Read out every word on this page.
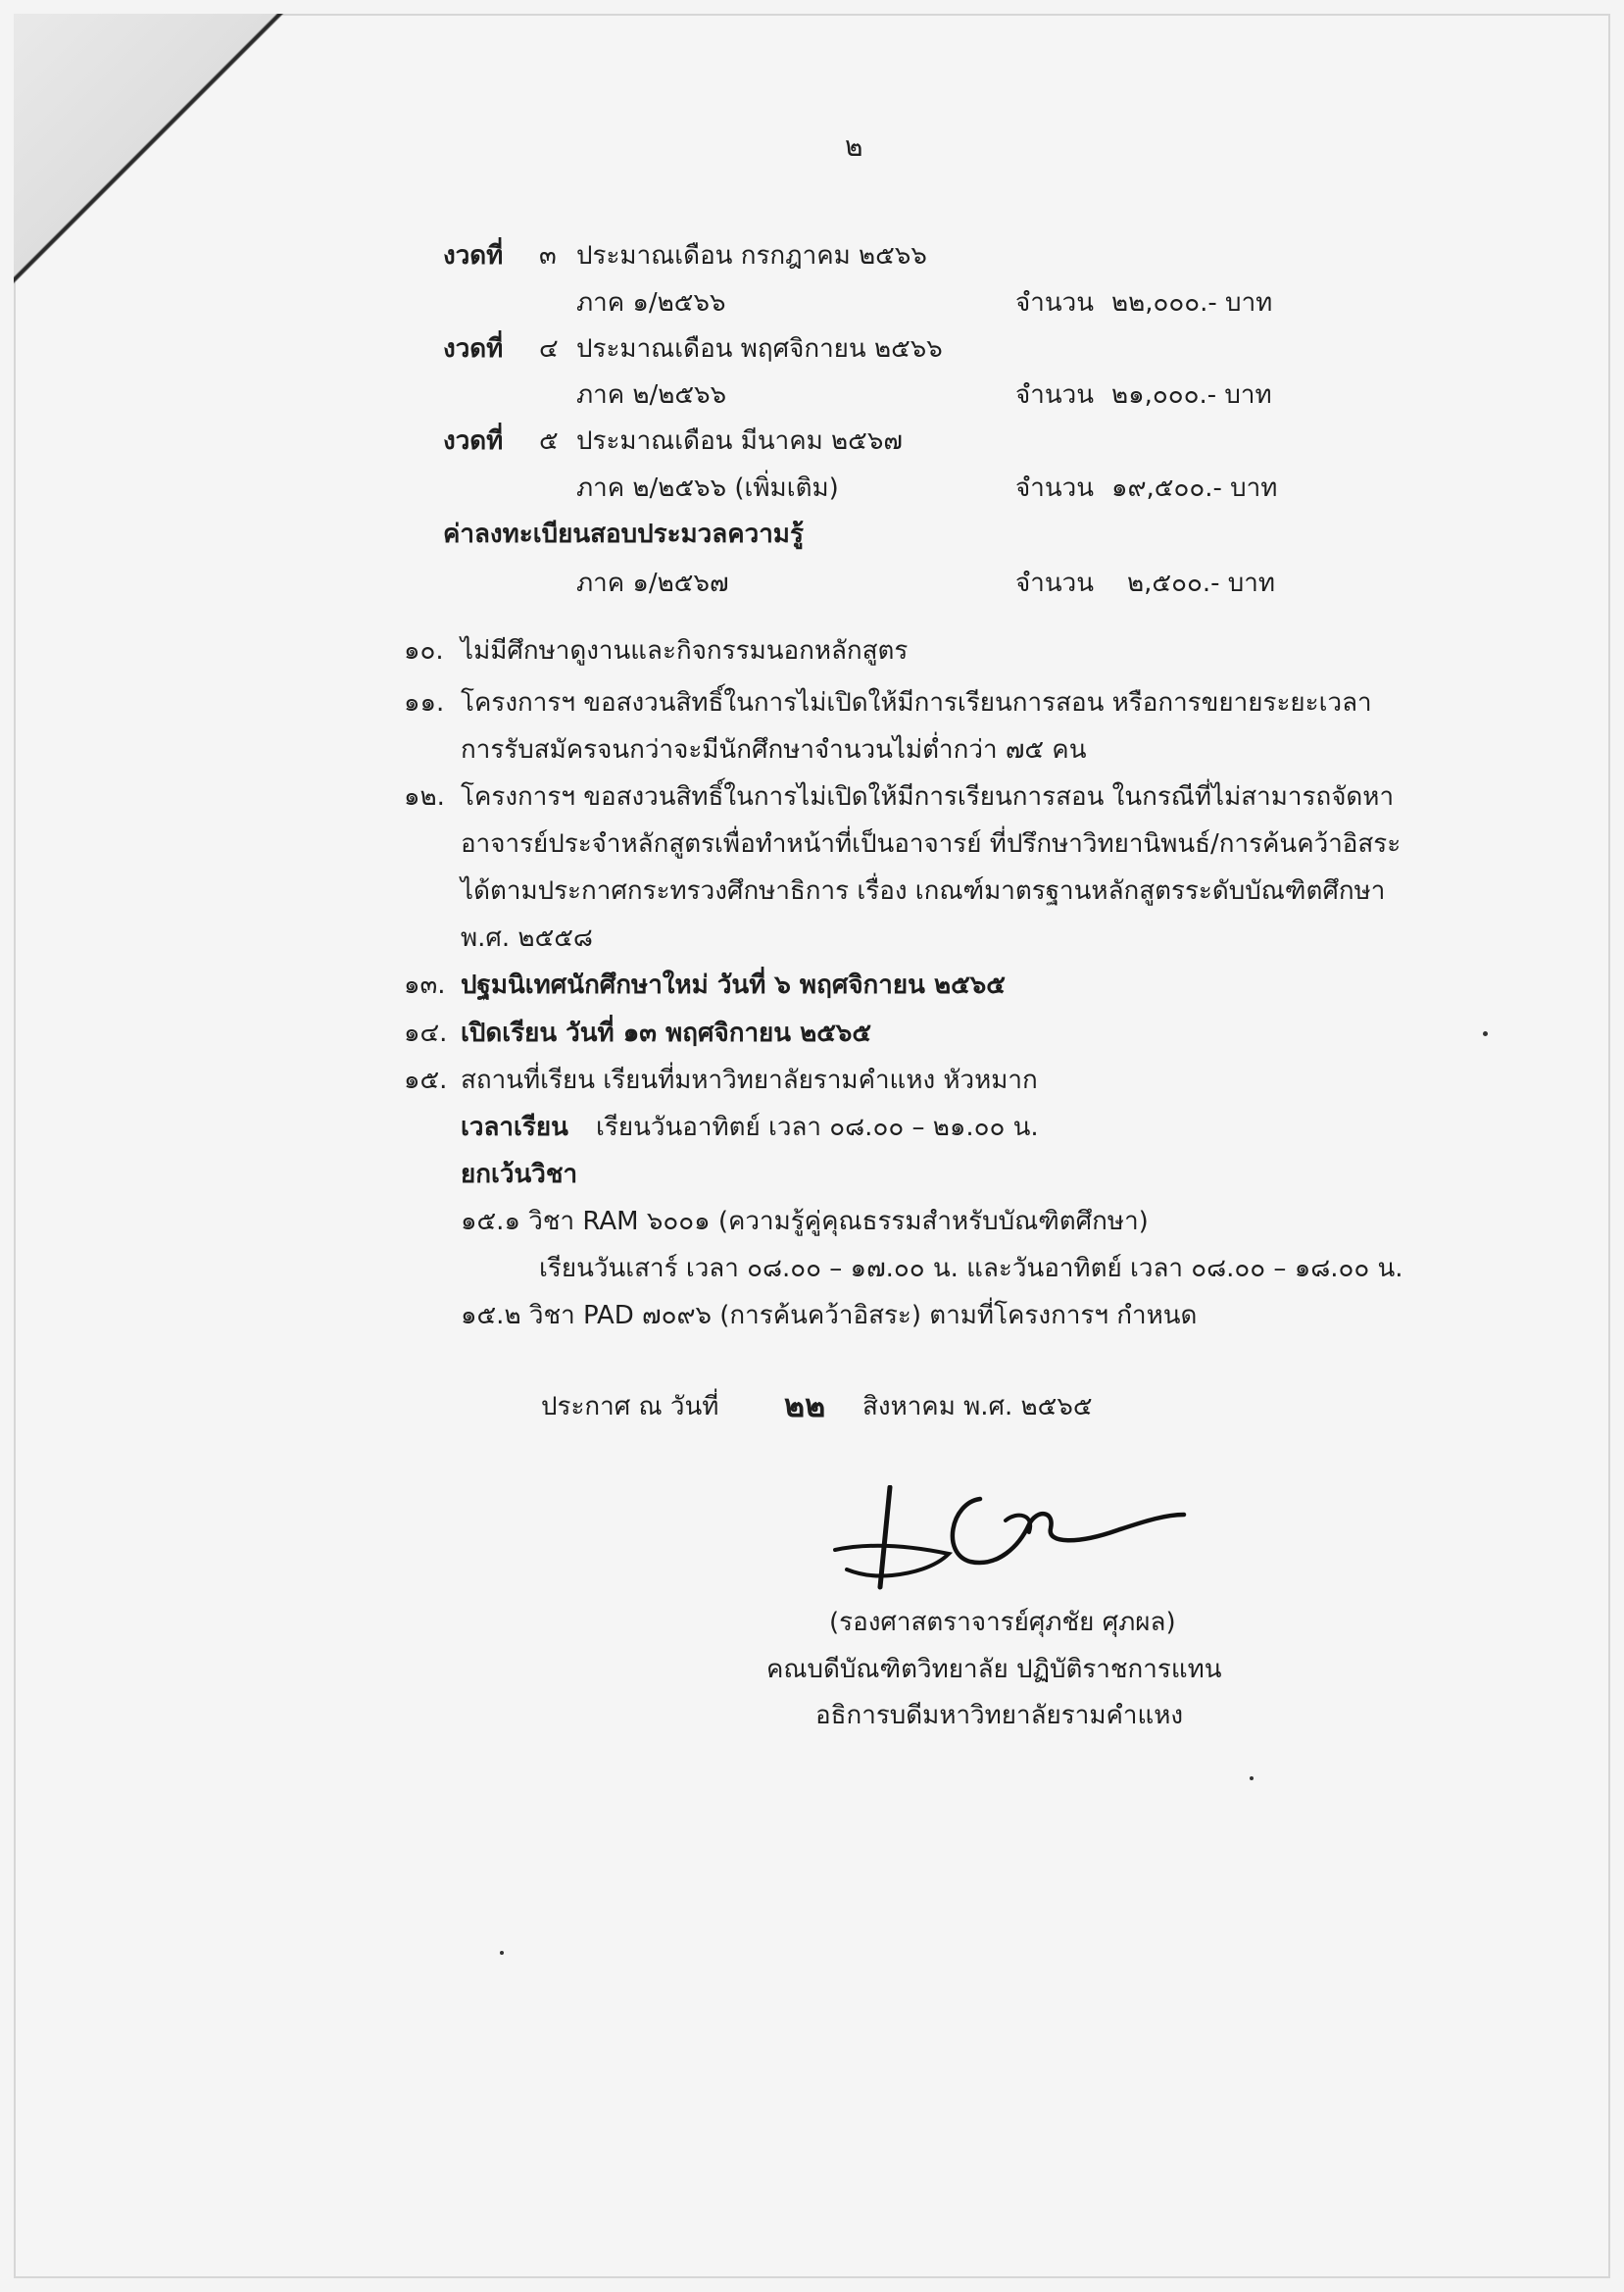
๒
งวดที่ ๓ ประมาณเดือน กรกฎาคม ๒๕๖๖
ภาค ๑/๒๕๖๖	จำนวน ๒๒,๐๐๐.- บาท
งวดที่ ๔ ประมาณเดือน พฤศจิกายน ๒๕๖๖
ภาค ๒/๒๕๖๖	จำนวน ๒๑,๐๐๐.- บาท
งวดที่ ๕ ประมาณเดือน มีนาคม ๒๕๖๗
ภาค ๒/๒๕๖๖ (เพิ่มเติม)	จำนวน ๑๙,๕๐๐.- บาท
ค่าลงทะเบียนสอบประมวลความรู้
ภาค ๑/๒๕๖๗	จำนวน ๒,๕๐๐.- บาท
๑๐. ไม่มีศึกษาดูงานและกิจกรรมนอกหลักสูตร
๑๑. โครงการฯ ขอสงวนสิทธิ์ในการไม่เปิดให้มีการเรียนการสอน หรือการขยายระยะเวลา
การรับสมัครจนกว่าจะมีนักศึกษาจำนวนไม่ต่ำกว่า ๗๕ คน
๑๒. โครงการฯ ขอสงวนสิทธิ์ในการไม่เปิดให้มีการเรียนการสอน ในกรณีที่ไม่สามารถจัดหา
อาจารย์ประจำหลักสูตรเพื่อทำหน้าที่เป็นอาจารย์ ที่ปรึกษาวิทยานิพนธ์/การค้นคว้าอิสระ
ได้ตามประกาศกระทรวงศึกษาธิการ เรื่อง เกณฑ์มาตรฐานหลักสูตรระดับบัณฑิตศึกษา
พ.ศ. ๒๕๕๘
๑๓. ปฐมนิเทศนักศึกษาใหม่ วันที่ ๖ พฤศจิกายน ๒๕๖๕
๑๔. เปิดเรียน วันที่ ๑๓ พฤศจิกายน ๒๕๖๕
๑๕. สถานที่เรียน เรียนที่มหาวิทยาลัยรามคำแหง หัวหมาก
เวลาเรียน เรียนวันอาทิตย์ เวลา ๐๘.๐๐ – ๒๑.๐๐ น.
ยกเว้นวิชา
๑๕.๑ วิชา RAM ๖๐๐๑ (ความรู้คู่คุณธรรมสำหรับบัณฑิตศึกษา)
เรียนวันเสาร์ เวลา ๐๘.๐๐ – ๑๗.๐๐ น. และวันอาทิตย์ เวลา ๐๘.๐๐ – ๑๘.๐๐ น.
๑๕.๒ วิชา PAD ๗๐๙๖ (การค้นคว้าอิสระ) ตามที่โครงการฯ กำหนด
ประกาศ ณ วันที่ ๒๒ สิงหาคม พ.ศ. ๒๕๖๕
(รองศาสตราจารย์ศุภชัย ศุภผล)
คณบดีบัณฑิตวิทยาลัย ปฏิบัติราชการแทน
อธิการบดีมหาวิทยาลัยรามคำแหง
